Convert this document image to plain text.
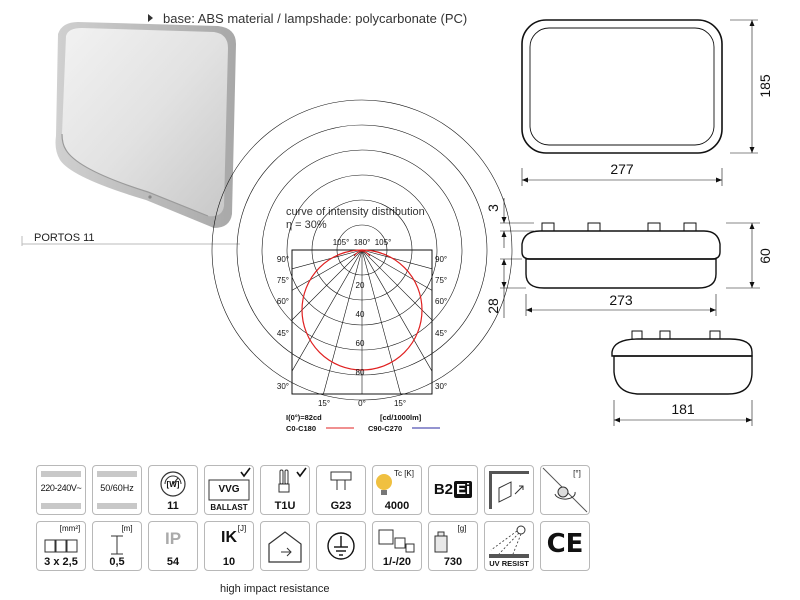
base: ABS material / lampshade: polycarbonate (PC)
PORTOS 11
curve of intensity distribution
η = 30%
105° 180° 105°
90°
75°
60°
45°
30°
90°
75°
60°
45°
30°
15°	0°	15°
20
40
60
80
I(0°)=82cd	[cd/1000lm]
C0-C180	C90-C270
277
185
3
60
28	273
181
220-240V~	50/60Hz	[W]
11
VVG
BALLAST	T1U	G23
Tc [K]
4000
B2 Ei
[°]
[mm²]
3 x 2,5
[m]
0,5
IP
54
IK
[J]
10	1/-/20
[g]
730	UV RESIST
CE
high impact resistance
